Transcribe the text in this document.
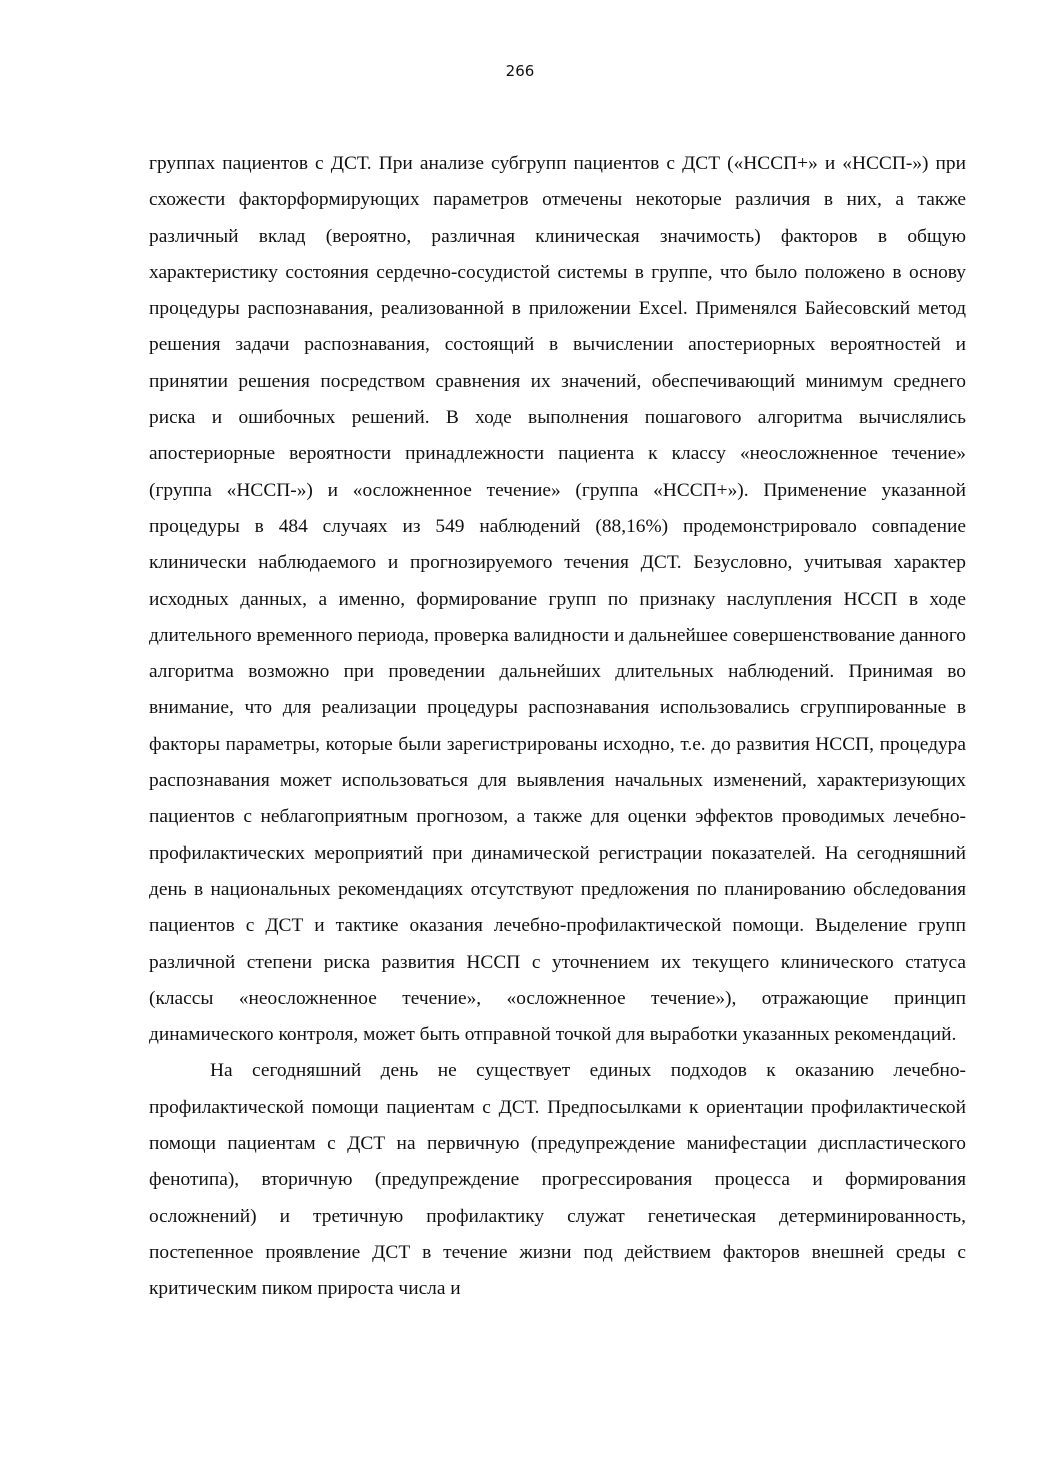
266

группах пациентов с ДСТ. При анализе субгрупп пациентов с ДСТ («НССП+» и «НССП-») при схожести факторформирующих параметров отмечены некоторые различия в них, а также различный вклад (вероятно, различная клиническая значимость) факторов в общую характеристику состояния сердечно-сосудистой системы в группе, что было положено в основу процедуры распознавания, реализованной в приложении Excel. Применялся Байесовский метод решения задачи распознавания, состоящий в вычислении апостериорных вероятностей и принятии решения посредством сравнения их значений, обеспечивающий минимум среднего риска и ошибочных решений. В ходе выполнения пошагового алгоритма вычислялись апостериорные вероятности принадлежности пациента к классу «неосложненное течение» (группа «НССП-») и «осложненное течение» (группа «НССП+»). Применение указанной процедуры в 484 случаях из 549 наблюдений (88,16%) продемонстрировало совпадение клинически наблюдаемого и прогнозируемого течения ДСТ. Безусловно, учитывая характер исходных данных, а именно, формирование групп по признаку наслупления НССП в ходе длительного временного периода, проверка валидности и дальнейшее совершенствование данного алгоритма возможно при проведении дальнейших длительных наблюдений. Принимая во внимание, что для реализации процедуры распознавания использовались сгруппированные в факторы параметры, которые были зарегистрированы исходно, т.е. до развития НССП, процедура распознавания может использоваться для выявления начальных изменений, характеризующих пациентов с неблагоприятным прогнозом, а также для оценки эффектов проводимых лечебно-профилактических мероприятий при динамической регистрации показателей. На сегодняшний день в национальных рекомендациях отсутствуют предложения по планированию обследования пациентов с ДСТ и тактике оказания лечебно-профилактической помощи. Выделение групп различной степени риска развития НССП с уточнением их текущего клинического статуса (классы «неосложненное течение», «осложненное течение»), отражающие принцип динамического контроля, может быть отправной точкой для выработки указанных рекомендаций.

На сегодняшний день не существует единых подходов к оказанию лечебно-профилактической помощи пациентам с ДСТ. Предпосылками к ориентации профилактической помощи пациентам с ДСТ на первичную (предупреждение манифестации диспластического фенотипа), вторичную (предупреждение прогрессирования процесса и формирования осложнений) и третичную профилактику служат генетическая детерминированность, постепенное проявление ДСТ в течение жизни под действием факторов внешней среды с критическим пиком прироста числа и
